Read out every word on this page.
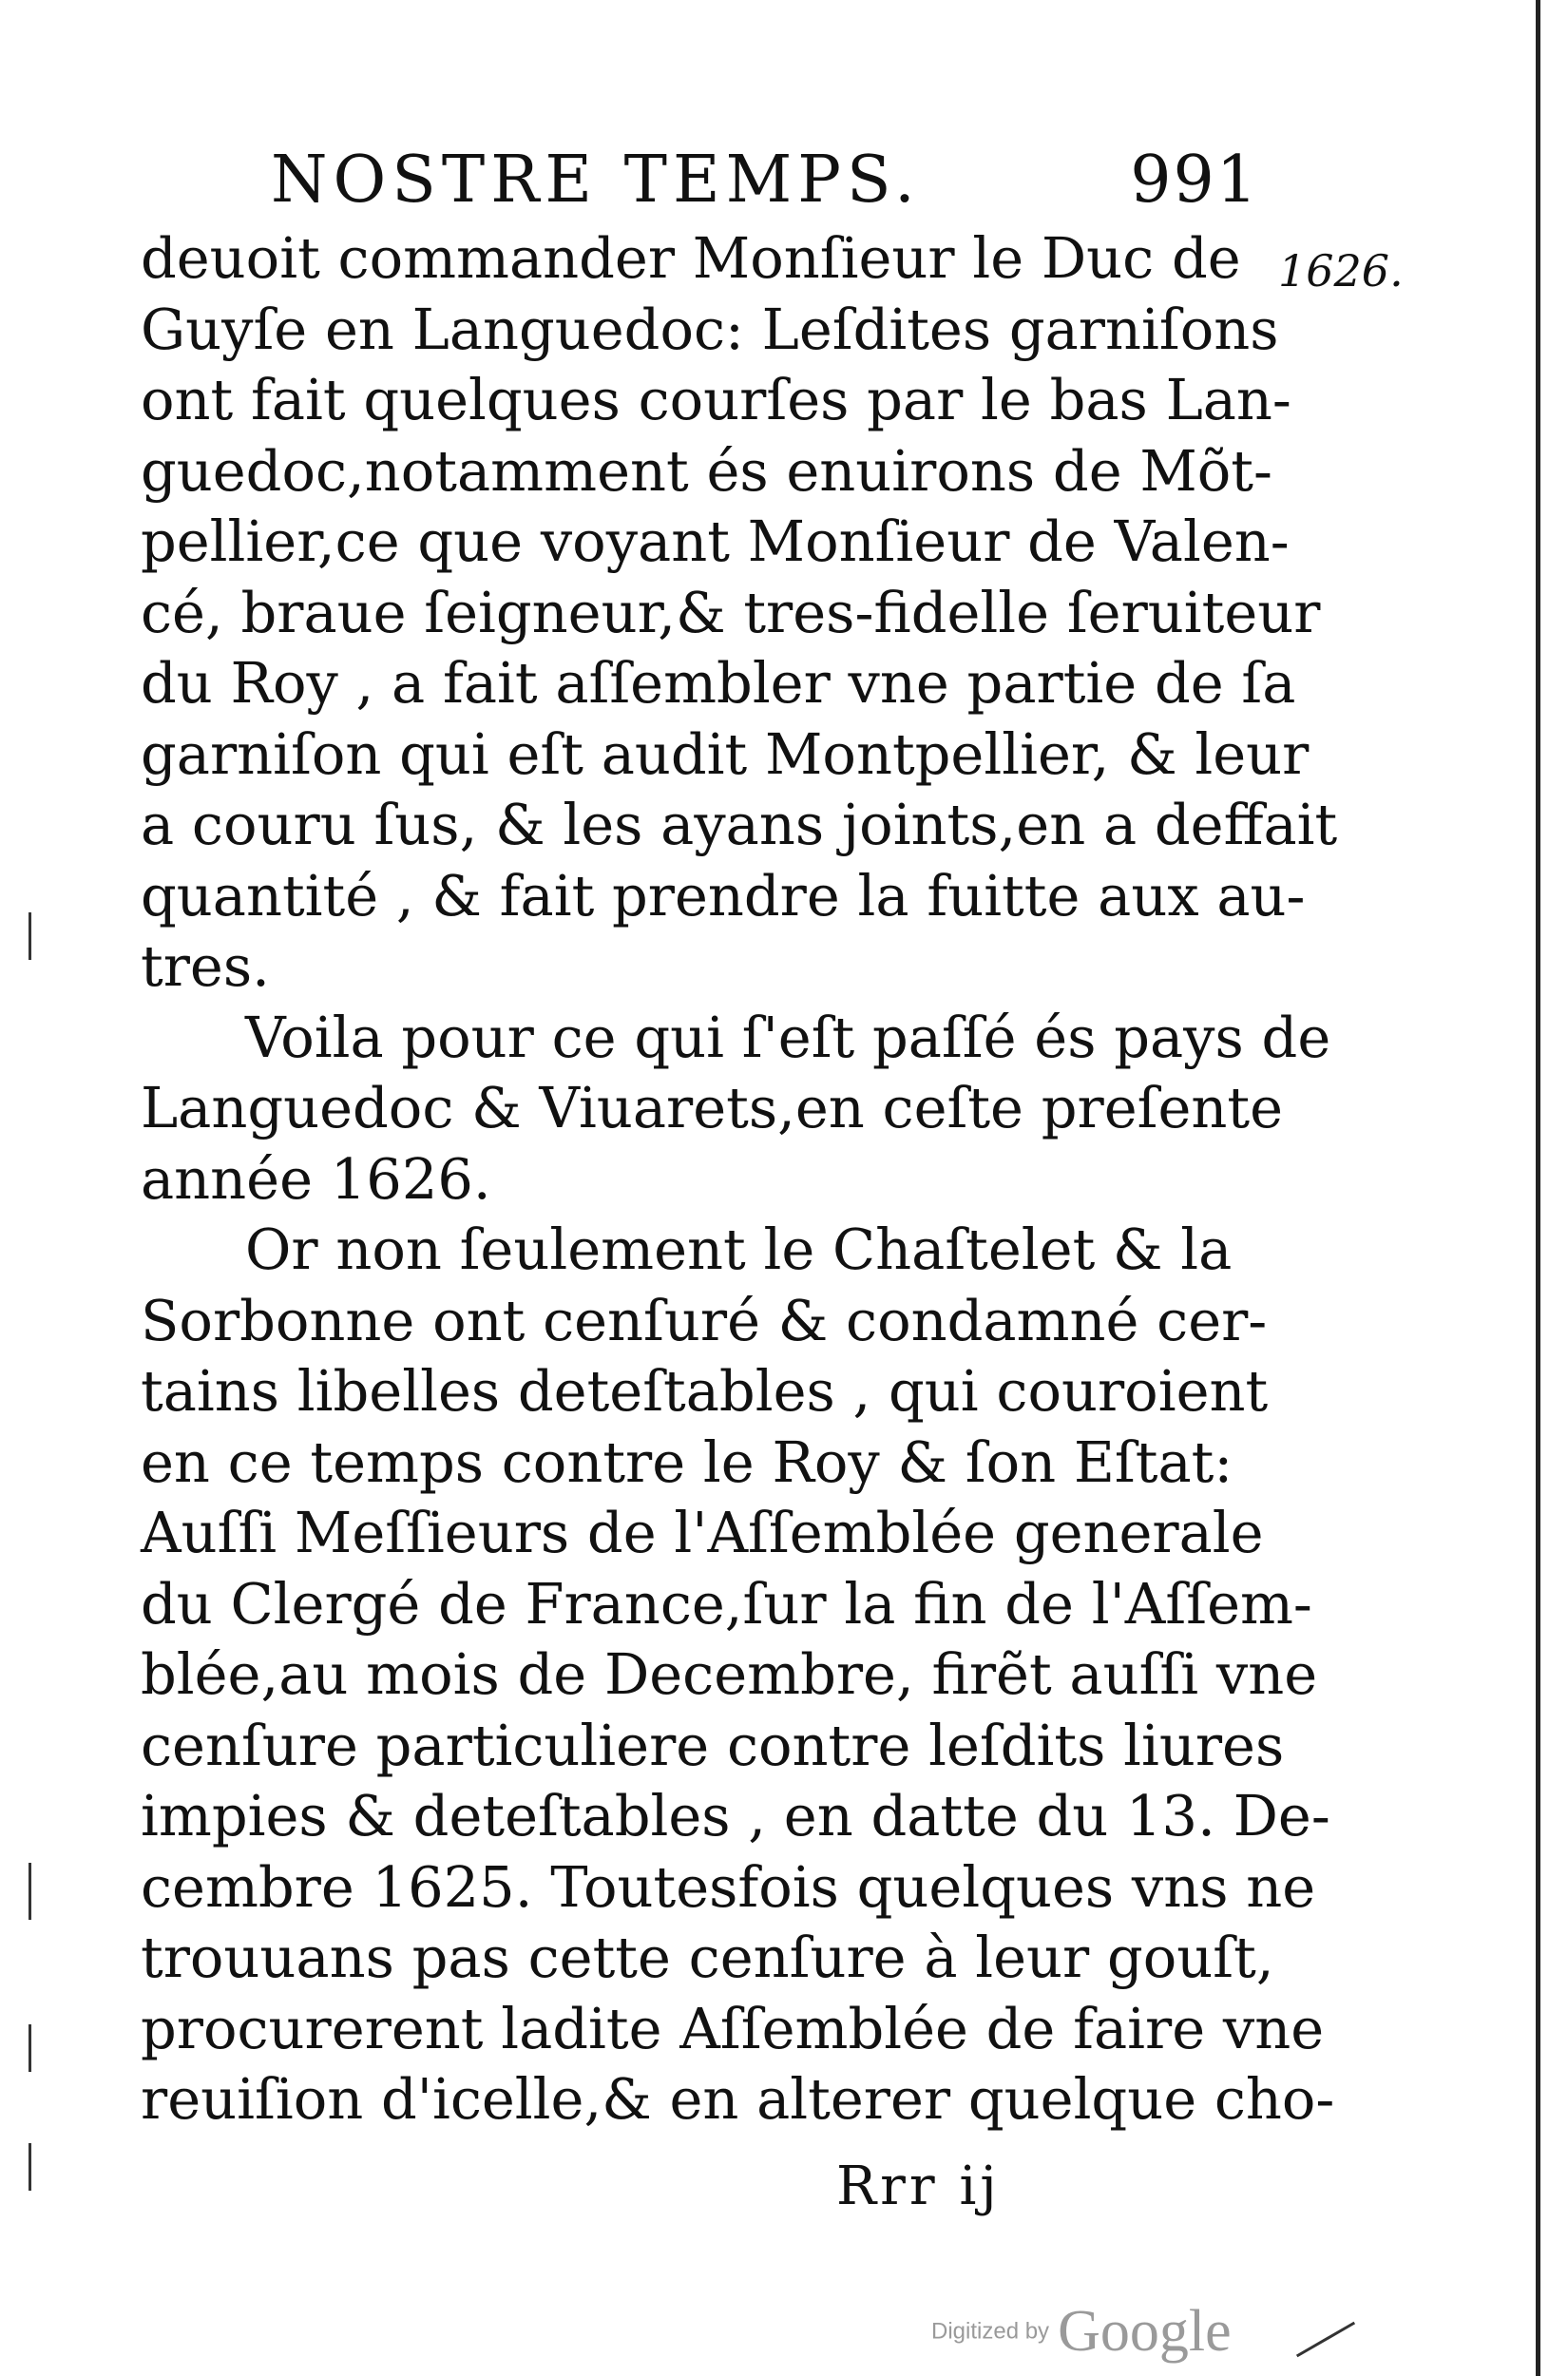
NOSTRE TEMPS.	991
1626.
deuoit commander Monſieur le Duc de
Guyſe en Languedoc: Leſdites garniſons
ont fait quelques courſes par le bas Lan-
guedoc,notamment és enuirons de Mõt-
pellier,ce que voyant Monſieur de Valen-
cé, braue ſeigneur,& tres-fidelle ſeruiteur
du Roy , a fait aſſembler vne partie de ſa
garniſon qui eſt audit Montpellier, & leur
a couru ſus, & les ayans joints,en a deffait
quantité , & fait prendre la fuitte aux au-
tres.
Voila pour ce qui ſ'eſt paſſé és pays de
Languedoc & Viuarets,en ceſte preſente
année 1626.
Or non ſeulement le Chaſtelet & la
Sorbonne ont cenſuré & condamné cer-
tains libelles deteſtables , qui couroient
en ce temps contre le Roy & ſon Eſtat:
Auſſi Meſſieurs de l'Aſſemblée generale
du Clergé de France,ſur la fin de l'Aſſem-
blée,au mois de Decembre, firẽt auſſi vne
cenſure particuliere contre leſdits liures
impies & deteſtables , en datte du 13. De-
cembre 1625. Toutesfois quelques vns ne
trouuans pas cette cenſure à leur gouſt,
procurerent ladite Aſſemblée de faire vne
reuiſion d'icelle,& en alterer quelque cho-
Rrr ij
Digitized by Google
